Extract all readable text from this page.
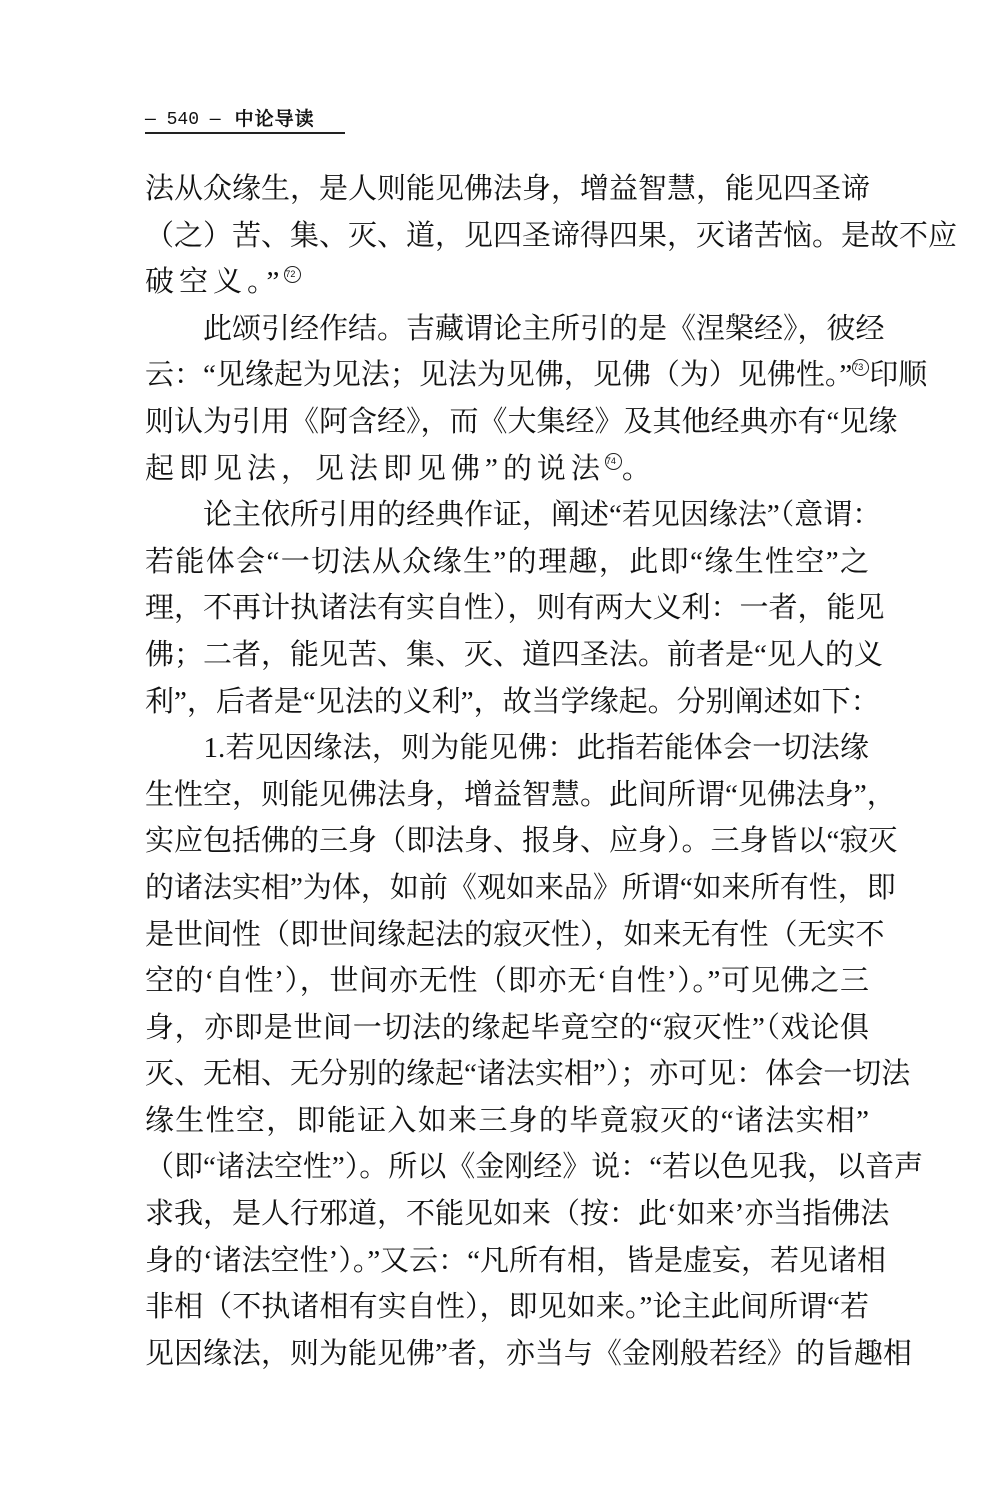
— 540 — 中论导读
法从众缘生，是人则能见佛法身，增益智慧，能见四圣谛
（之）苦、集、灭、道，见四圣谛得四果，灭诸苦恼。是故不应
破空义。”72
　　此颂引经作结。吉藏谓论主所引的是《涅槃经》，彼经
云：“见缘起为见法；见法为见佛，见佛（为）见佛性。”73 印顺
则认为引用《阿含经》，而《大集经》及其他经典亦有“见缘
起即见法，见法即见佛”的说法74 。
　　论主依所引用的经典作证，阐述“若见因缘法”（意谓：
若能体会“一切法从众缘生”的理趣，此即“缘生性空”之
理，不再计执诸法有实自性），则有两大义利：一者，能见
佛；二者，能见苦、集、灭、道四圣法。前者是“见人的义
利”，后者是“见法的义利”，故当学缘起。分别阐述如下：
　　1.若见因缘法，则为能见佛：此指若能体会一切法缘
生性空，则能见佛法身，增益智慧。此间所谓“见佛法身”，
实应包括佛的三身（即法身、报身、应身）。三身皆以“寂灭
的诸法实相”为体，如前《观如来品》所谓“如来所有性，即
是世间性（即世间缘起法的寂灭性），如来无有性（无实不
空的‘自性’），世间亦无性（即亦无‘自性’）。”可见佛之三
身，亦即是世间一切法的缘起毕竟空的“寂灭性”（戏论俱
灭、无相、无分别的缘起“诸法实相”）；亦可见：体会一切法
缘生性空，即能证入如来三身的毕竟寂灭的“诸法实相”
（即“诸法空性”）。所以《金刚经》说：“若以色见我，以音声
求我，是人行邪道，不能见如来（按：此‘如来’亦当指佛法
身的‘诸法空性’）。”又云：“凡所有相，皆是虚妄，若见诸相
非相（不执诸相有实自性），即见如来。”论主此间所谓“若
见因缘法，则为能见佛”者，亦当与《金刚般若经》的旨趣相
